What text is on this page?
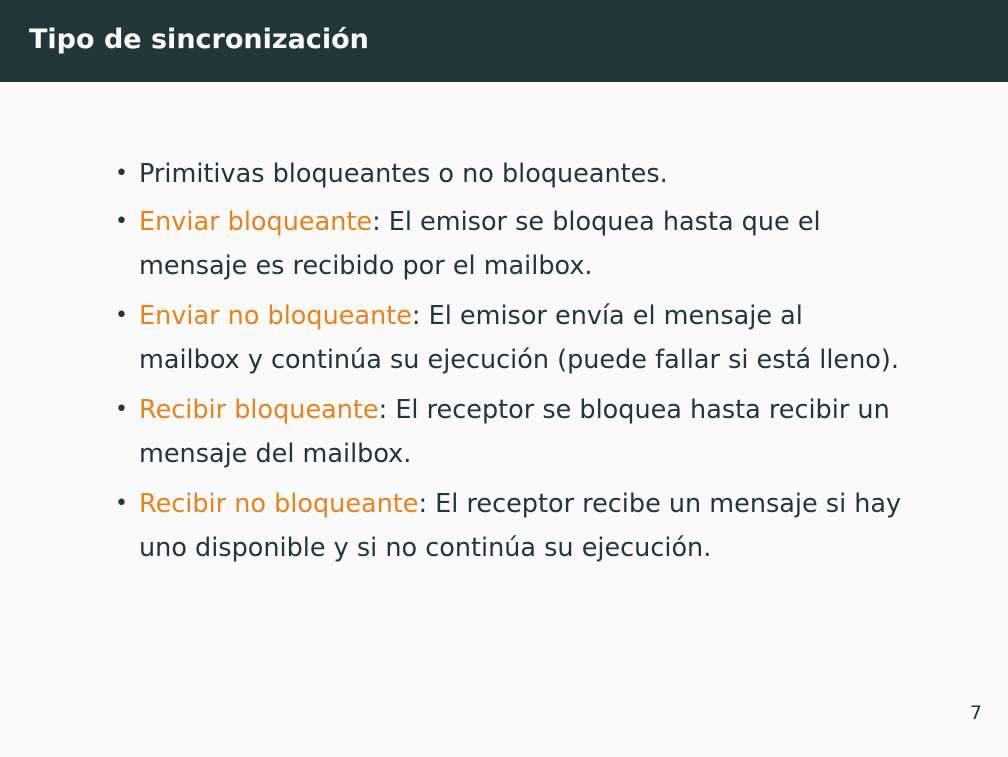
Tipo de sincronización
• Primitivas bloqueantes o no bloqueantes.
• Enviar bloqueante: El emisor se bloquea hasta que el mensaje es recibido por el mailbox.
• Enviar no bloqueante: El emisor envía el mensaje al mailbox y continúa su ejecución (puede fallar si está lleno).
• Recibir bloqueante: El receptor se bloquea hasta recibir un mensaje del mailbox.
• Recibir no bloqueante: El receptor recibe un mensaje si hay uno disponible y si no continúa su ejecución.
7
